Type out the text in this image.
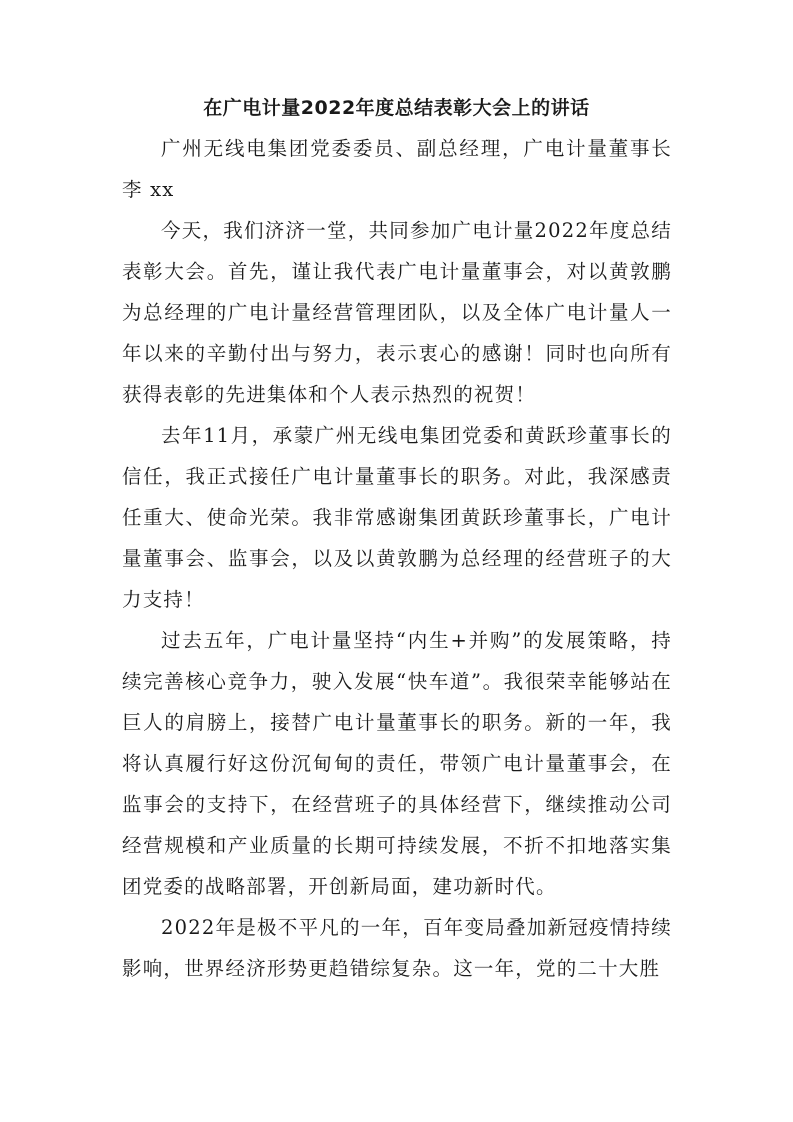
在广电计量2022年度总结表彰大会上的讲话

广州无线电集团党委委员、副总经理，广电计量董事长李 xx

今天，我们济济一堂，共同参加广电计量2022年度总结表彰大会。首先，谨让我代表广电计量董事会，对以黄敦鹏为总经理的广电计量经营管理团队，以及全体广电计量人一年以来的辛勤付出与努力，表示衷心的感谢！同时也向所有获得表彰的先进集体和个人表示热烈的祝贺！

去年11月，承蒙广州无线电集团党委和黄跃珍董事长的信任，我正式接任广电计量董事长的职务。对此，我深感责任重大、使命光荣。我非常感谢集团黄跃珍董事长，广电计量董事会、监事会，以及以黄敦鹏为总经理的经营班子的大力支持！

过去五年，广电计量坚持“内生+并购”的发展策略，持续完善核心竞争力，驶入发展“快车道”。我很荣幸能够站在巨人的肩膀上，接替广电计量董事长的职务。新的一年，我将认真履行好这份沉甸甸的责任，带领广电计量董事会，在监事会的支持下，在经营班子的具体经营下，继续推动公司经营规模和产业质量的长期可持续发展，不折不扣地落实集团党委的战略部署，开创新局面，建功新时代。

2022年是极不平凡的一年，百年变局叠加新冠疫情持续影响，世界经济形势更趋错综复杂。这一年，党的二十大胜
